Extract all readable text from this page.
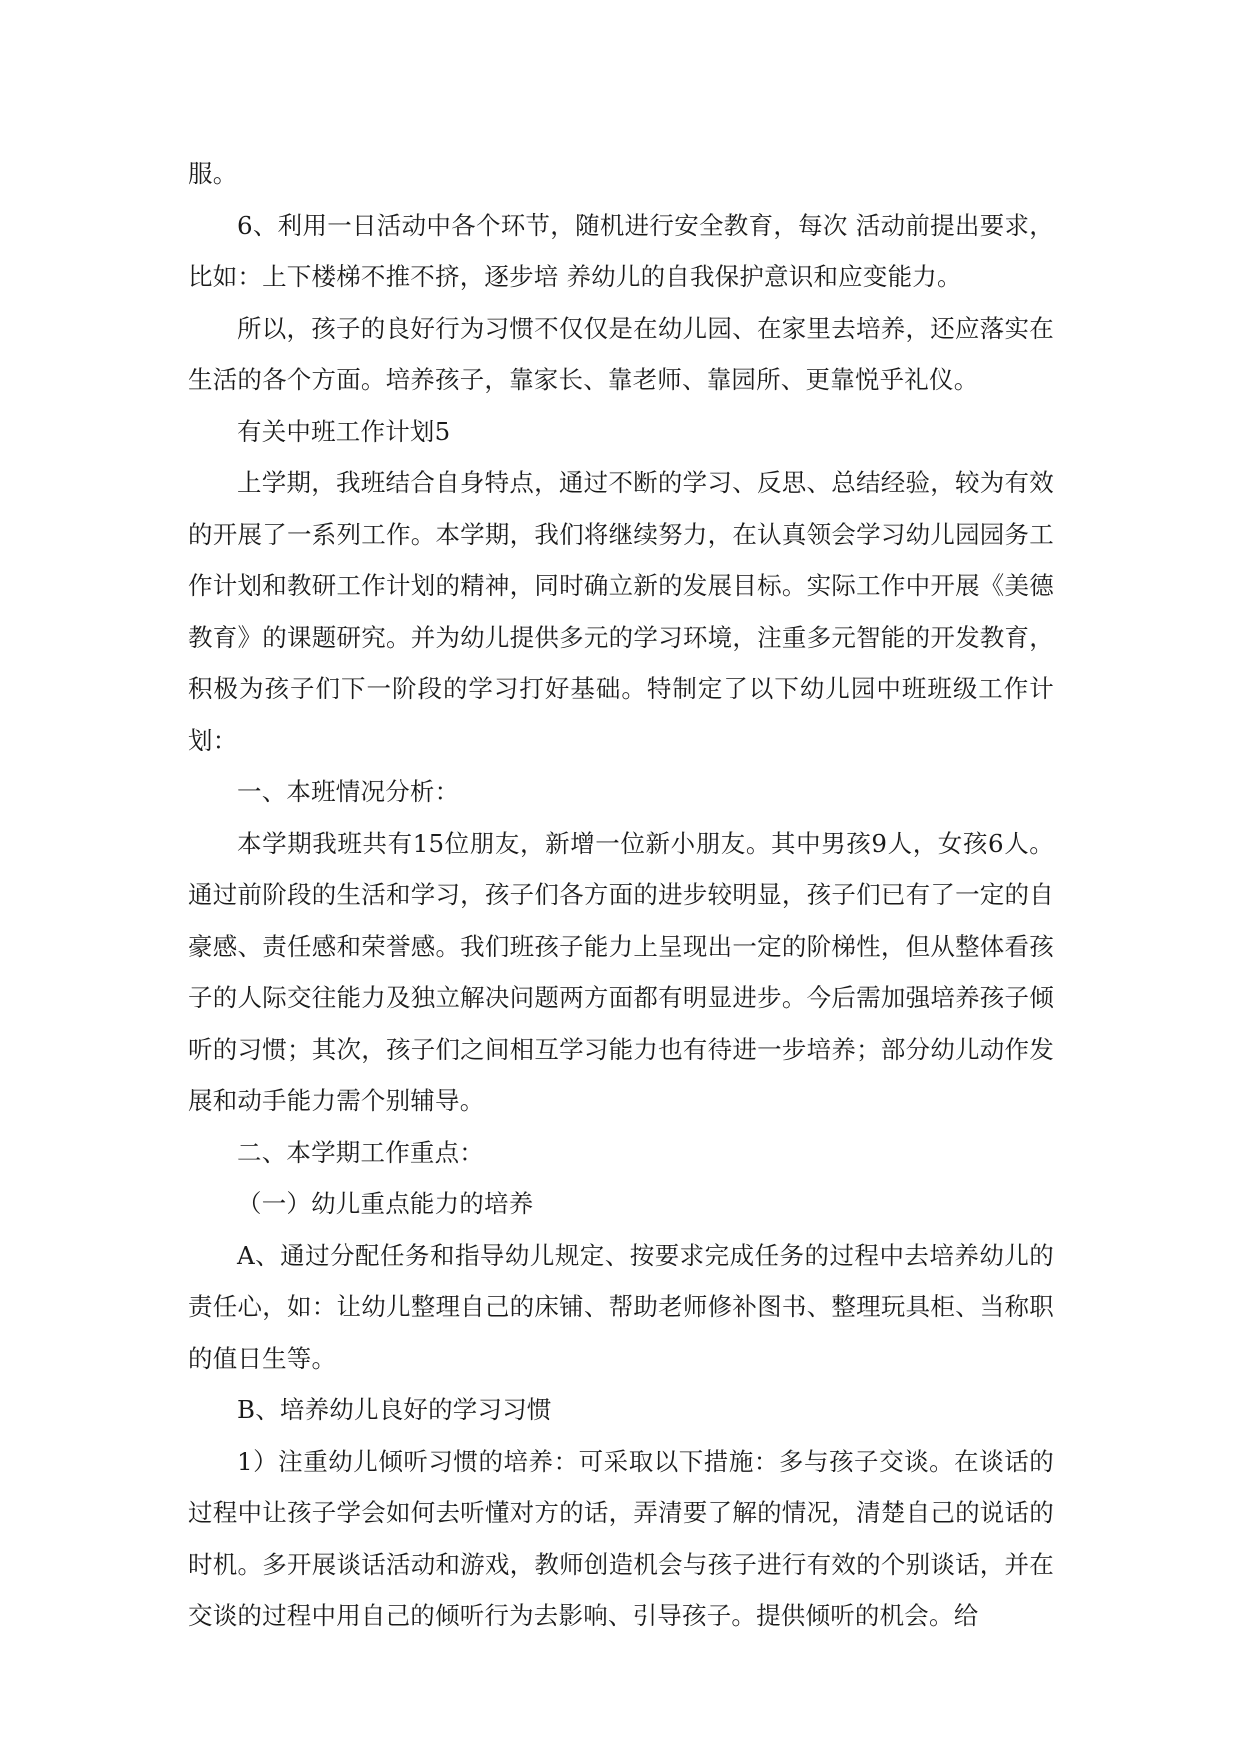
服。

6、利用一日活动中各个环节，随机进行安全教育，每次 活动前提出要求，比如：上下楼梯不推不挤，逐步培 养幼儿的自我保护意识和应变能力。

所以，孩子的良好行为习惯不仅仅是在幼儿园、在家里去培养，还应落实在生活的各个方面。培养孩子，靠家长、靠老师、靠园所、更靠悦乎礼仪。

有关中班工作计划5

上学期，我班结合自身特点，通过不断的学习、反思、总结经验，较为有效的开展了一系列工作。本学期，我们将继续努力，在认真领会学习幼儿园园务工作计划和教研工作计划的精神，同时确立新的发展目标。实际工作中开展《美德教育》的课题研究。并为幼儿提供多元的学习环境，注重多元智能的开发教育，积极为孩子们下一阶段的学习打好基础。特制定了以下幼儿园中班班级工作计划：

一、本班情况分析：

本学期我班共有15位朋友，新增一位新小朋友。其中男孩9人，女孩6人。 通过前阶段的生活和学习，孩子们各方面的进步较明显，孩子们已有了一定的自豪感、责任感和荣誉感。我们班孩子能力上呈现出一定的阶梯性，但从整体看孩子的人际交往能力及独立解决问题两方面都有明显进步。今后需加强培养孩子倾听的习惯；其次，孩子们之间相互学习能力也有待进一步培养；部分幼儿动作发展和动手能力需个别辅导。

二、本学期工作重点：

（一）幼儿重点能力的培养

A、通过分配任务和指导幼儿规定、按要求完成任务的过程中去培养幼儿的责任心，如：让幼儿整理自己的床铺、帮助老师修补图书、整理玩具柜、当称职的值日生等。

B、培养幼儿良好的学习习惯

1）注重幼儿倾听习惯的培养：可采取以下措施：多与孩子交谈。在谈话的过程中让孩子学会如何去听懂对方的话，弄清要了解的情况，清楚自己的说话的时机。多开展谈话活动和游戏，教师创造机会与孩子进行有效的个别谈话，并在交谈的过程中用自己的倾听行为去影响、引导孩子。提供倾听的机会。给
